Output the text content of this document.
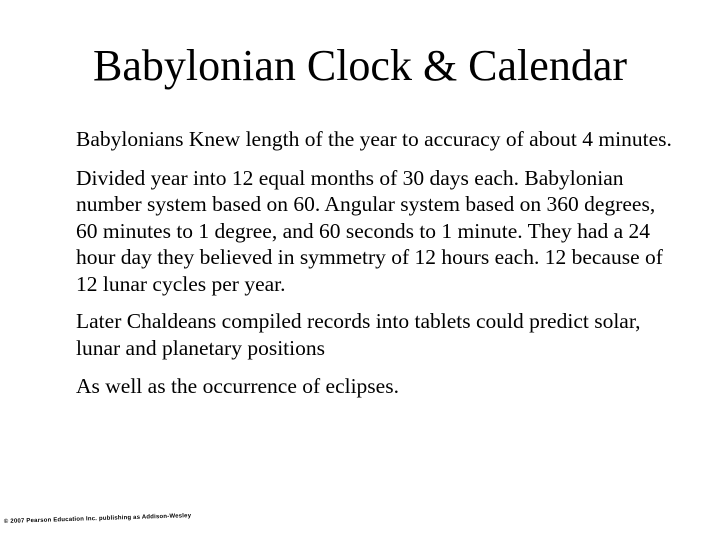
Babylonian Clock & Calendar

Babylonians Knew length of the year to accuracy of about 4 minutes.

Divided year into 12 equal months of 30 days each. Babylonian number system based on 60. Angular system based on 360 degrees, 60 minutes to 1 degree, and 60 seconds to 1 minute. They had a 24 hour day they believed in symmetry of 12 hours each. 12 because of 12 lunar cycles per year.

Later Chaldeans compiled records into tablets could predict solar, lunar and planetary positions

As well as the occurrence of eclipses.

© 2007 Pearson Education Inc. publishing as Addison-Wesley
